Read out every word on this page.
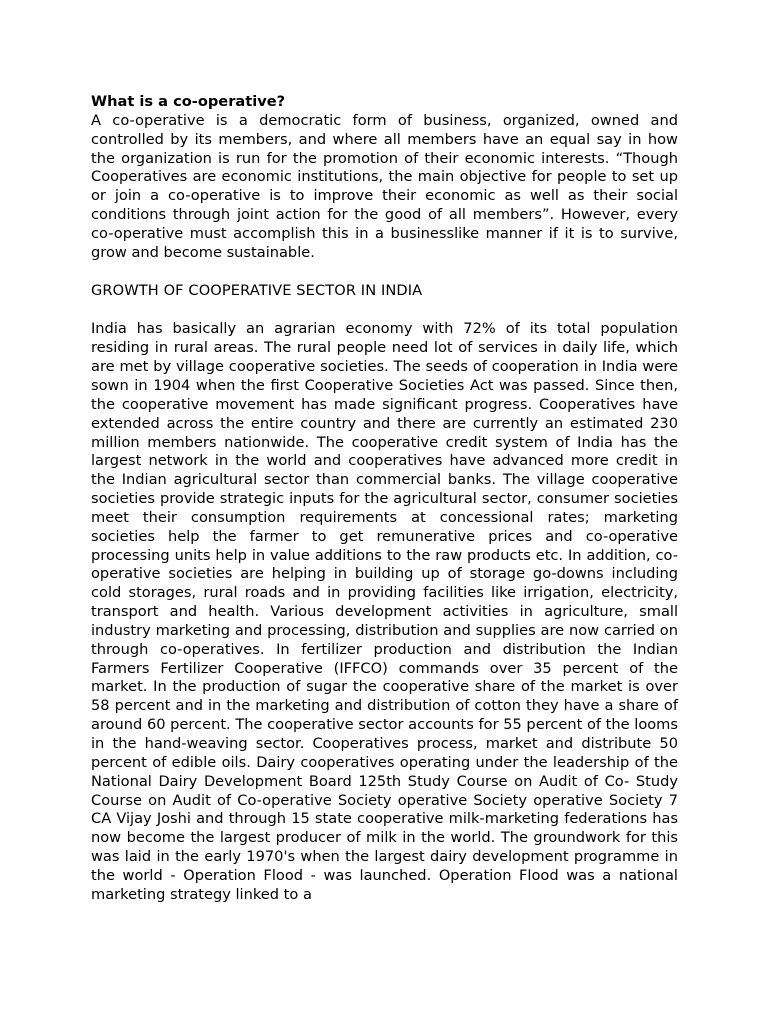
What is a co-operative?
A co-operative is a democratic form of business, organized, owned and controlled by its members, and where all members have an equal say in how the organization is run for the promotion of their economic interests. “Though Cooperatives are economic institutions, the main objective for people to set up or join a co-operative is to improve their economic as well as their social conditions through joint action for the good of all members”. However, every co-operative must accomplish this in a businesslike manner if it is to survive, grow and become sustainable.
GROWTH OF COOPERATIVE SECTOR IN INDIA
India has basically an agrarian economy with 72% of its total population residing in rural areas. The rural people need lot of services in daily life, which are met by village cooperative societies. The seeds of cooperation in India were sown in 1904 when the first Cooperative Societies Act was passed. Since then, the cooperative movement has made significant progress. Cooperatives have extended across the entire country and there are currently an estimated 230 million members nationwide. The cooperative credit system of India has the largest network in the world and cooperatives have advanced more credit in the Indian agricultural sector than commercial banks. The village cooperative societies provide strategic inputs for the agricultural sector, consumer societies meet their consumption requirements at concessional rates; marketing societies help the farmer to get remunerative prices and co-operative processing units help in value additions to the raw products etc. In addition, co-operative societies are helping in building up of storage go-downs including cold storages, rural roads and in providing facilities like irrigation, electricity, transport and health. Various development activities in agriculture, small industry marketing and processing, distribution and supplies are now carried on through co-operatives. In fertilizer production and distribution the Indian Farmers Fertilizer Cooperative (IFFCO) commands over 35 percent of the market. In the production of sugar the cooperative share of the market is over 58 percent and in the marketing and distribution of cotton they have a share of around 60 percent. The cooperative sector accounts for 55 percent of the looms in the hand-weaving sector. Cooperatives process, market and distribute 50 percent of edible oils. Dairy cooperatives operating under the leadership of the National Dairy Development Board 125th Study Course on Audit of Co- Study Course on Audit of Co-operative Society operative Society operative Society 7 CA Vijay Joshi and through 15 state cooperative milk-marketing federations has now become the largest producer of milk in the world. The groundwork for this was laid in the early 1970's when the largest dairy development programme in the world - Operation Flood - was launched. Operation Flood was a national marketing strategy linked to a
